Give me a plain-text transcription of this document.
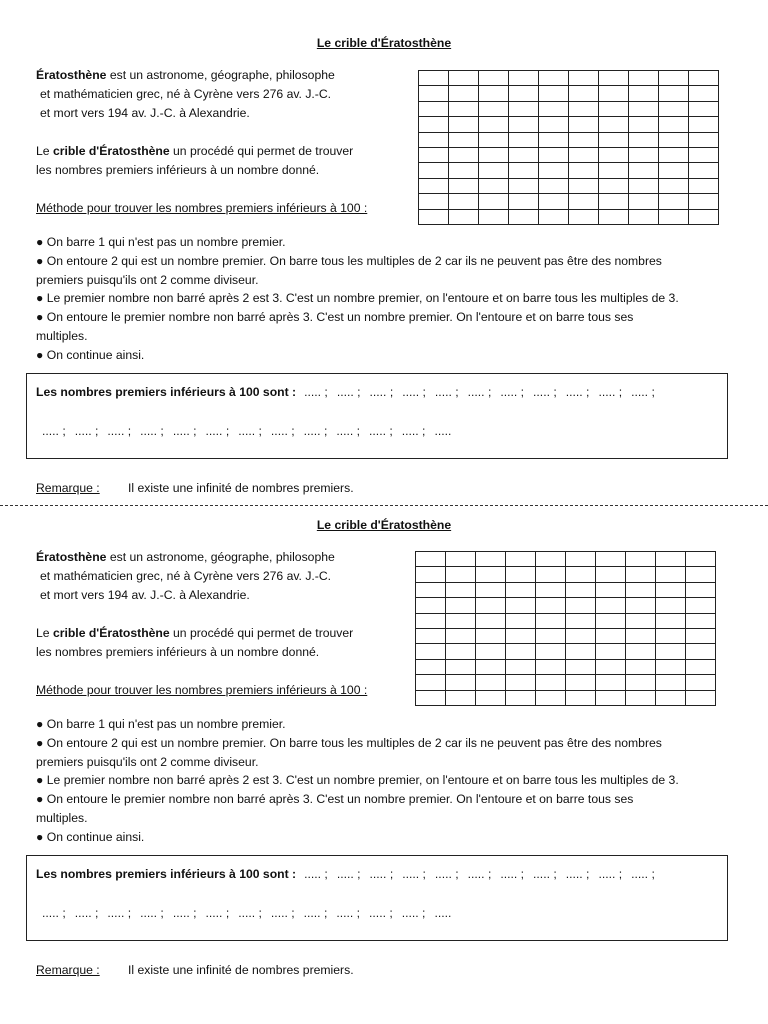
Le crible d'Ératosthène
Ératosthène est un astronome, géographe, philosophe
et mathématicien grec, né à Cyrène vers 276 av. J.-C.
et mort vers 194 av. J.-C. à Alexandrie.
Le crible d'Ératosthène un procédé qui permet de trouver
les nombres premiers inférieurs à un nombre donné.
Méthode pour trouver les nombres premiers inférieurs à 100 :

● On barre 1 qui n'est pas un nombre premier.
● On entoure 2 qui est un nombre premier. On barre tous les multiples de 2 car ils ne peuvent pas être des nombres
premiers puisqu'ils ont 2 comme diviseur.
● Le premier nombre non barré après 2 est 3. C'est un nombre premier, on l'entoure et on barre tous les multiples de 3.
● On entoure le premier nombre non barré après 3. C'est un nombre premier. On l'entoure et on barre tous ses
multiples.
● On continue ainsi.
Les nombres premiers inférieurs à 100 sont : ..... ; ..... ; ..... ; ..... ; ..... ; ..... ; ..... ; ..... ; ..... ; ..... ; ..... ;
..... ; ..... ; ..... ; ..... ; ..... ; ..... ; ..... ; ..... ; ..... ; ..... ; ..... ; ..... ; .....
Remarque : Il existe une infinité de nombres premiers.
Le crible d'Ératosthène
Ératosthène est un astronome, géographe, philosophe
et mathématicien grec, né à Cyrène vers 276 av. J.-C.
et mort vers 194 av. J.-C. à Alexandrie.
Le crible d'Ératosthène un procédé qui permet de trouver
les nombres premiers inférieurs à un nombre donné.
Méthode pour trouver les nombres premiers inférieurs à 100 :

● On barre 1 qui n'est pas un nombre premier.
● On entoure 2 qui est un nombre premier. On barre tous les multiples de 2 car ils ne peuvent pas être des nombres
premiers puisqu'ils ont 2 comme diviseur.
● Le premier nombre non barré après 2 est 3. C'est un nombre premier, on l'entoure et on barre tous les multiples de 3.
● On entoure le premier nombre non barré après 3. C'est un nombre premier. On l'entoure et on barre tous ses
multiples.
● On continue ainsi.
Les nombres premiers inférieurs à 100 sont : ..... ; ..... ; ..... ; ..... ; ..... ; ..... ; ..... ; ..... ; ..... ; ..... ; ..... ;
..... ; ..... ; ..... ; ..... ; ..... ; ..... ; ..... ; ..... ; ..... ; ..... ; ..... ; ..... ; .....
Remarque : Il existe une infinité de nombres premiers.
